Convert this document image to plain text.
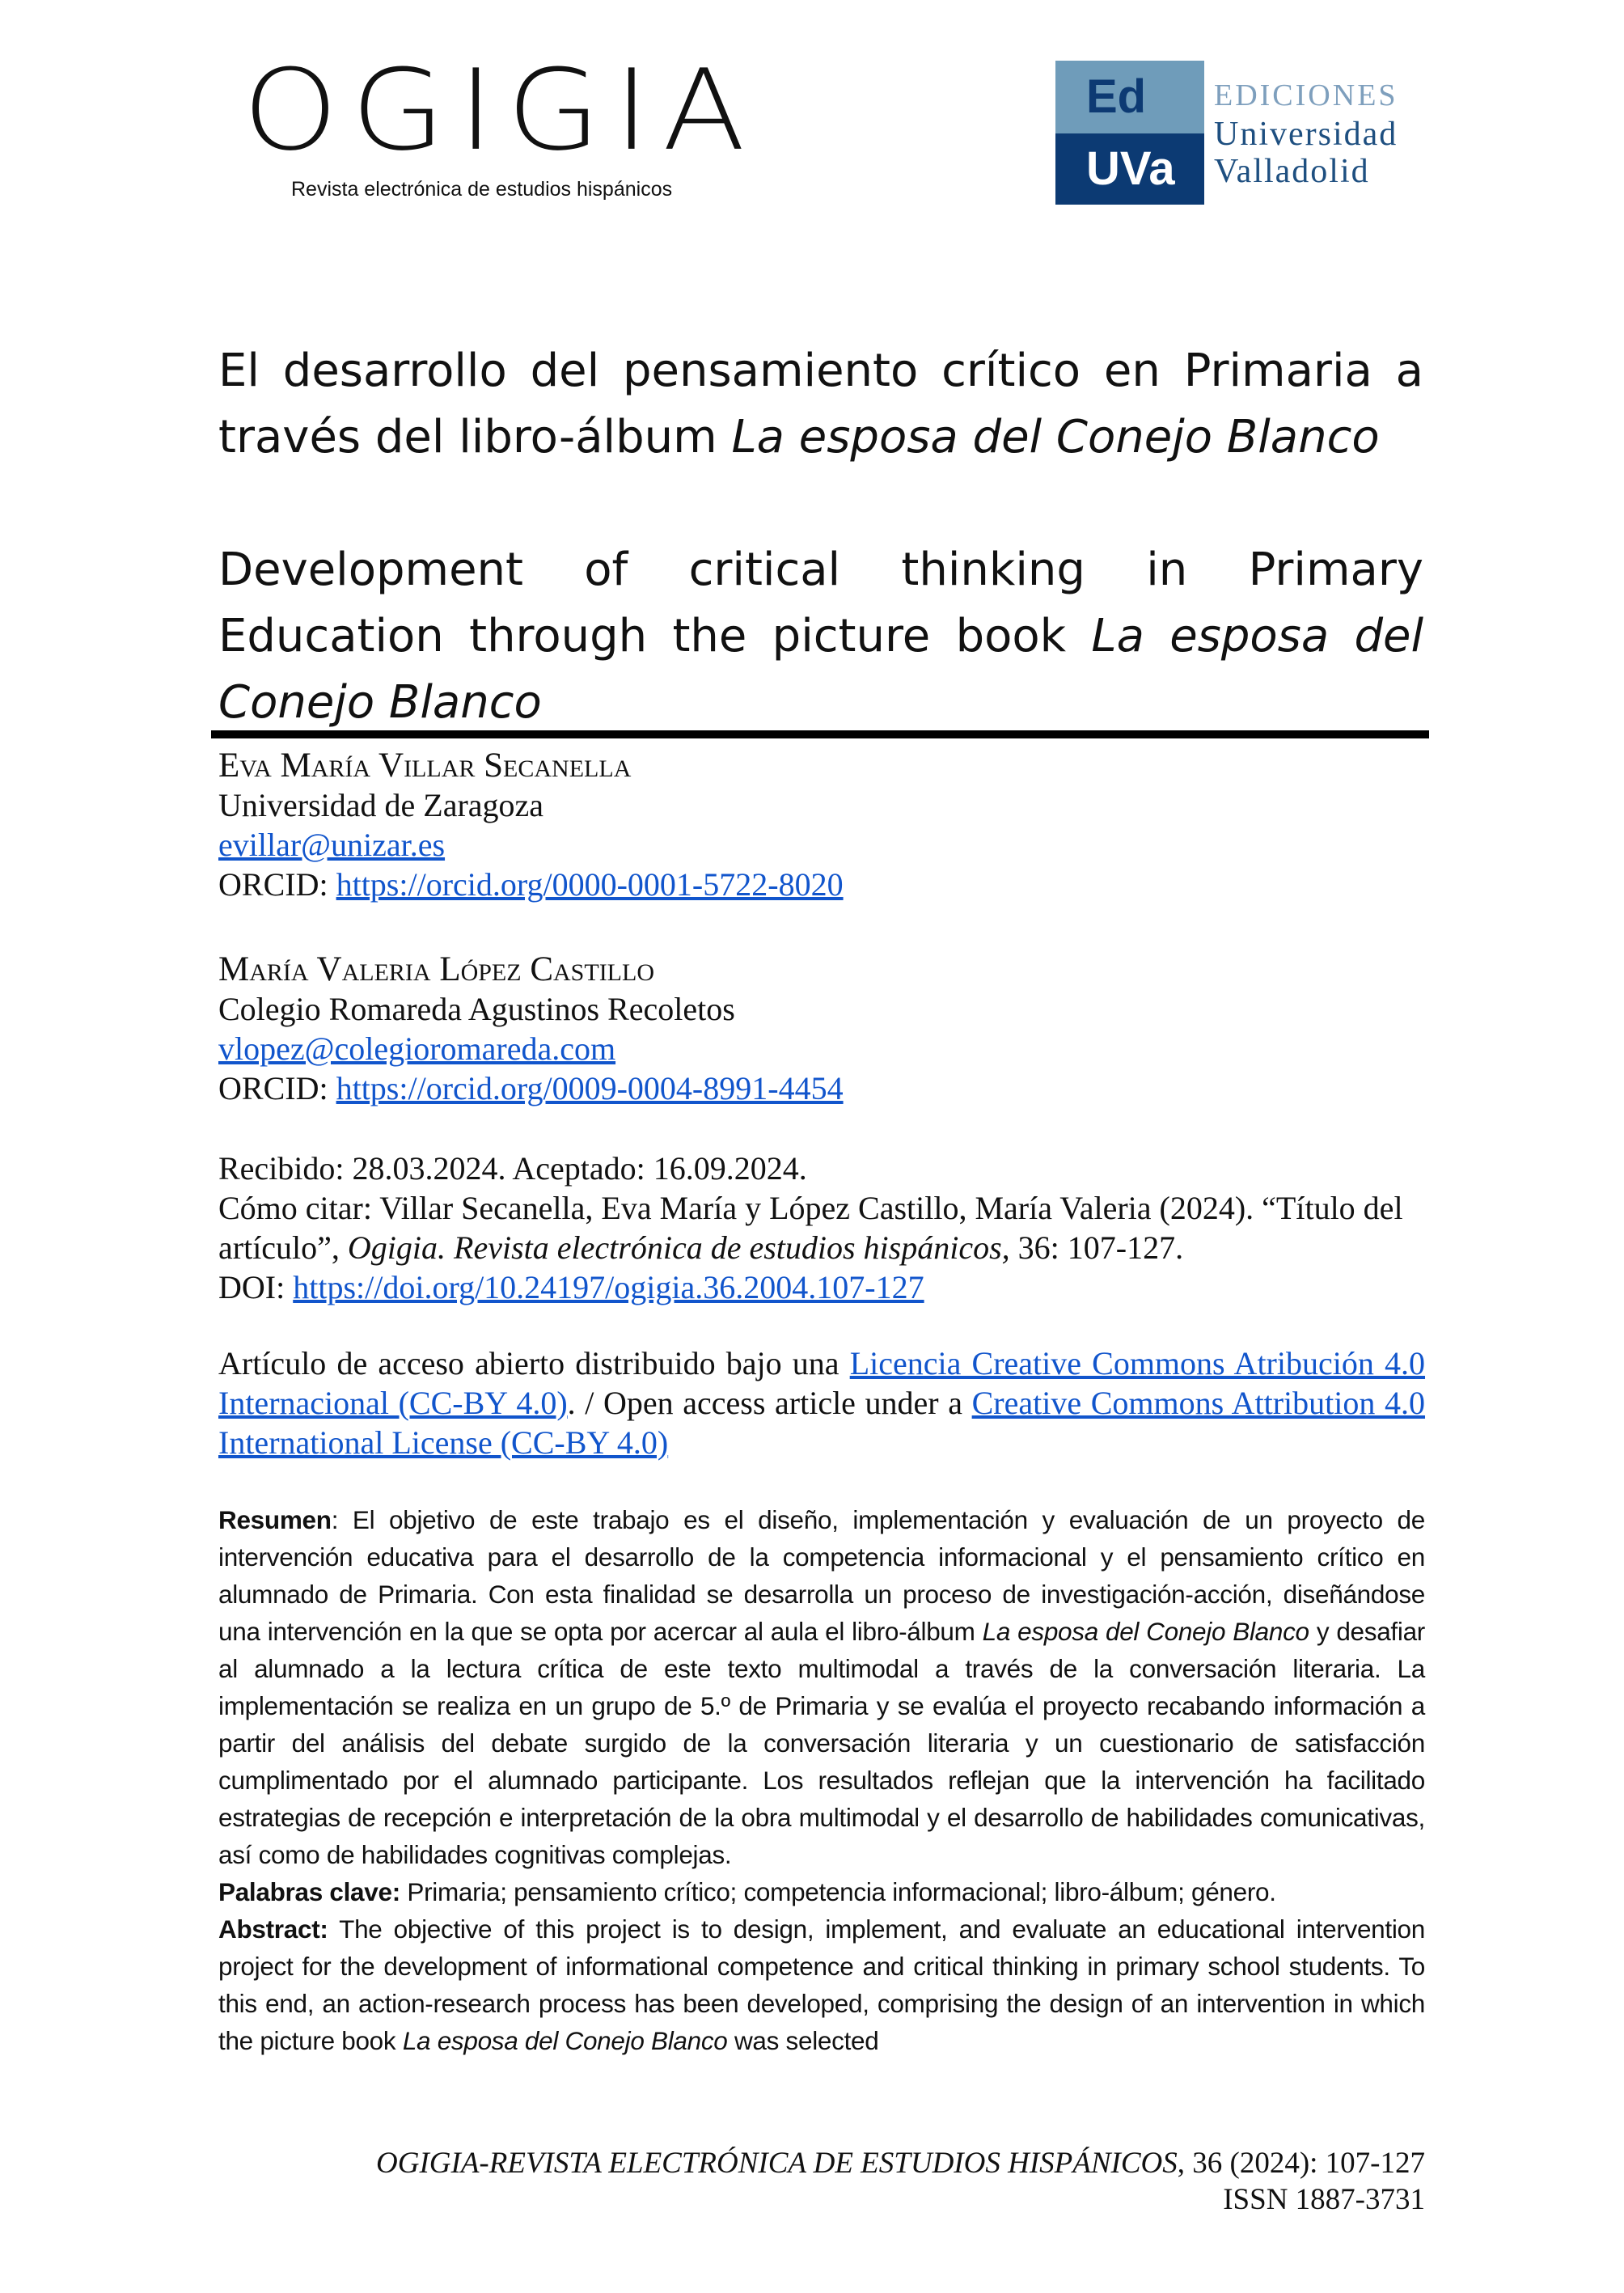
OGIGIA
Revista electrónica de estudios hispánicos
Ed
UVa
EDICIONES
Universidad
Valladolid
El desarrollo del pensamiento crítico en Primaria a través del libro-álbum La esposa del Conejo Blanco
Development of critical thinking in Primary Education through the picture book La esposa del Conejo Blanco
Eva María Villar Secanella
Universidad de Zaragoza
evillar@unizar.es
ORCID: https://orcid.org/0000-0001-5722-8020
María Valeria López Castillo
Colegio Romareda Agustinos Recoletos
vlopez@colegioromareda.com
ORCID: https://orcid.org/0009-0004-8991-4454
Recibido: 28.03.2024. Aceptado: 16.09.2024.
Cómo citar: Villar Secanella, Eva María y López Castillo, María Valeria (2024). “Título del artículo”, Ogigia. Revista electrónica de estudios hispánicos, 36: 107-127.
DOI: https://doi.org/10.24197/ogigia.36.2004.107-127
Artículo de acceso abierto distribuido bajo una Licencia Creative Commons Atribución 4.0 Internacional (CC-BY 4.0). / Open access article under a Creative Commons Attribution 4.0 International License (CC-BY 4.0)

Resumen: El objetivo de este trabajo es el diseño, implementación y evaluación de un proyecto de intervención educativa para el desarrollo de la competencia informacional y el pensamiento crítico en alumnado de Primaria. Con esta finalidad se desarrolla un proceso de investigación-acción, diseñándose una intervención en la que se opta por acercar al aula el libro-álbum La esposa del Conejo Blanco y desafiar al alumnado a la lectura crítica de este texto multimodal a través de la conversación literaria. La implementación se realiza en un grupo de 5.º de Primaria y se evalúa el proyecto recabando información a partir del análisis del debate surgido de la conversación literaria y un cuestionario de satisfacción cumplimentado por el alumnado participante. Los resultados reflejan que la intervención ha facilitado estrategias de recepción e interpretación de la obra multimodal y el desarrollo de habilidades comunicativas, así como de habilidades cognitivas complejas.

Palabras clave: Primaria; pensamiento crítico; competencia informacional; libro-álbum; género.

Abstract: The objective of this project is to design, implement, and evaluate an educational intervention project for the development of informational competence and critical thinking in primary school students. To this end, an action-research process has been developed, comprising the design of an intervention in which the picture book La esposa del Conejo Blanco was selected

OGIGIA-REVISTA ELECTRÓNICA DE ESTUDIOS HISPÁNICOS, 36 (2024): 107-127
ISSN 1887-3731
